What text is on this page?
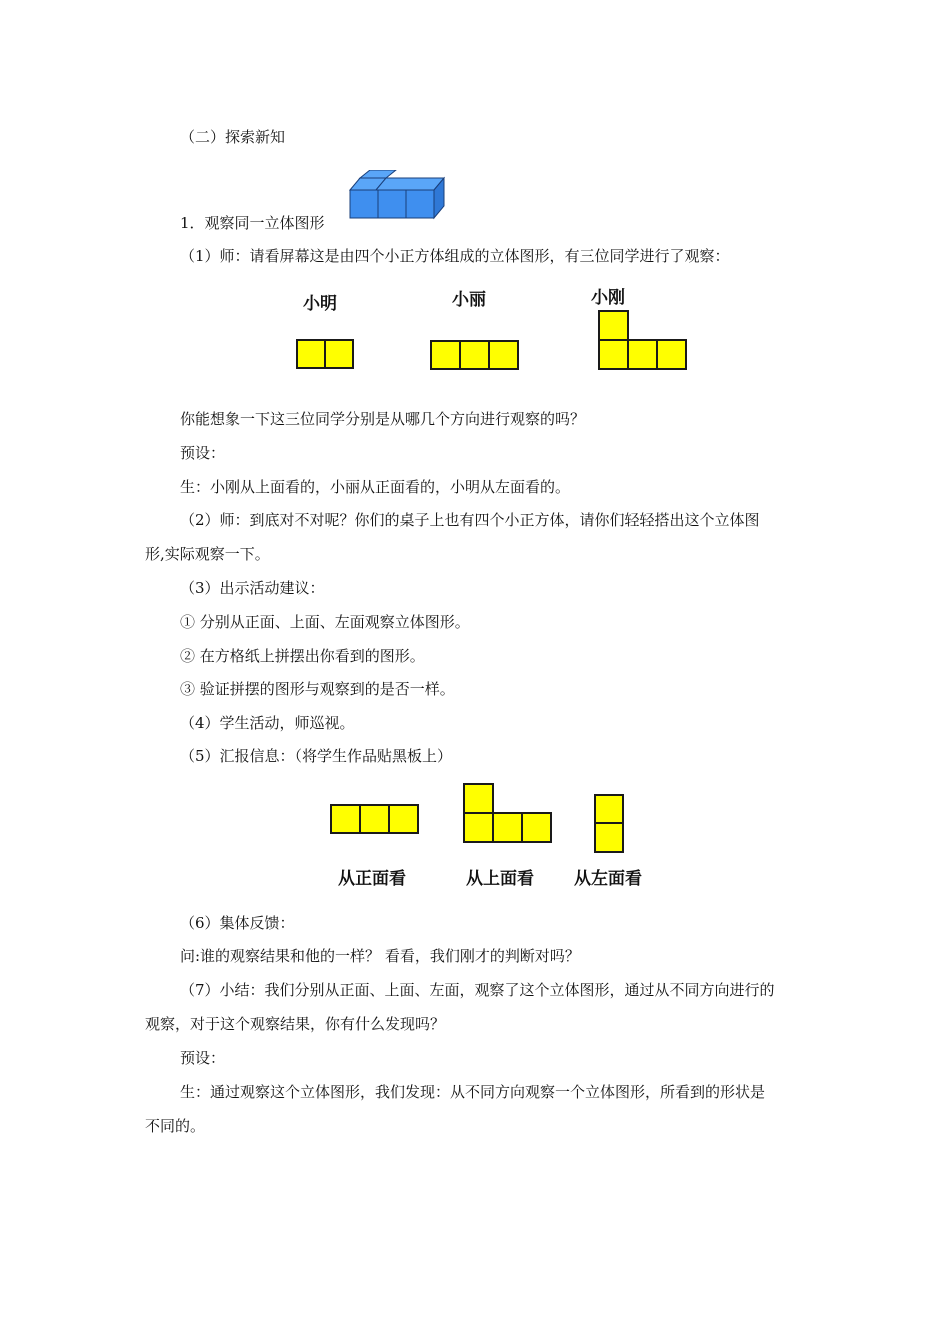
（二）探索新知
1．观察同一立体图形
（1）师：请看屏幕这是由四个小正方体组成的立体图形，有三位同学进行了观察：
小明	小丽	小刚
你能想象一下这三位同学分别是从哪几个方向进行观察的吗？
预设：
生：小刚从上面看的，小丽从正面看的，小明从左面看的。
（2）师：到底对不对呢？你们的桌子上也有四个小正方体，请你们轻轻搭出这个立体图
形,实际观察一下。
（3）出示活动建议：
① 分别从正面、上面、左面观察立体图形。
② 在方格纸上拼摆出你看到的图形。
③ 验证拼摆的图形与观察到的是否一样。
（4）学生活动，师巡视。
（5）汇报信息：（将学生作品贴黑板上）
从正面看	从上面看 从左面看
（6）集体反馈：
问:谁的观察结果和他的一样？ 看看，我们刚才的判断对吗？
（7）小结：我们分别从正面、上面、左面，观察了这个立体图形，通过从不同方向进行的
观察，对于这个观察结果，你有什么发现吗？
预设：
生：通过观察这个立体图形，我们发现：从不同方向观察一个立体图形，所看到的形状是
不同的。
